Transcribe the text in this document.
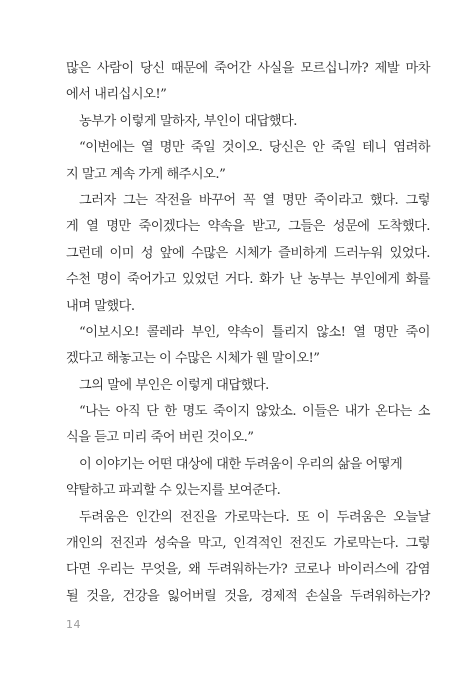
많은 사람이 당신 때문에 죽어간 사실을 모르십니까? 제발 마차
에서 내리십시오!”
농부가 이렇게 말하자, 부인이 대답했다.
“이번에는 열 명만 죽일 것이오. 당신은 안 죽일 테니 염려하
지 말고 계속 가게 해주시오.”
그러자 그는 작전을 바꾸어 꼭 열 명만 죽이라고 했다. 그렇
게 열 명만 죽이겠다는 약속을 받고, 그들은 성문에 도착했다.
그런데 이미 성 앞에 수많은 시체가 즐비하게 드러누워 있었다.
수천 명이 죽어가고 있었던 거다. 화가 난 농부는 부인에게 화를
내며 말했다.
“이보시오! 콜레라 부인, 약속이 틀리지 않소! 열 명만 죽이
겠다고 해놓고는 이 수많은 시체가 웬 말이오!”
그의 말에 부인은 이렇게 대답했다.
“나는 아직 단 한 명도 죽이지 않았소. 이들은 내가 온다는 소
식을 듣고 미리 죽어 버린 것이오.”
이 이야기는 어떤 대상에 대한 두려움이 우리의 삶을 어떻게
약탈하고 파괴할 수 있는지를 보여준다.
두려움은 인간의 전진을 가로막는다. 또 이 두려움은 오늘날
개인의 전진과 성숙을 막고, 인격적인 전진도 가로막는다. 그렇
다면 우리는 무엇을, 왜 두려워하는가? 코로나 바이러스에 감염
될 것을, 건강을 잃어버릴 것을, 경제적 손실을 두려워하는가?
14
